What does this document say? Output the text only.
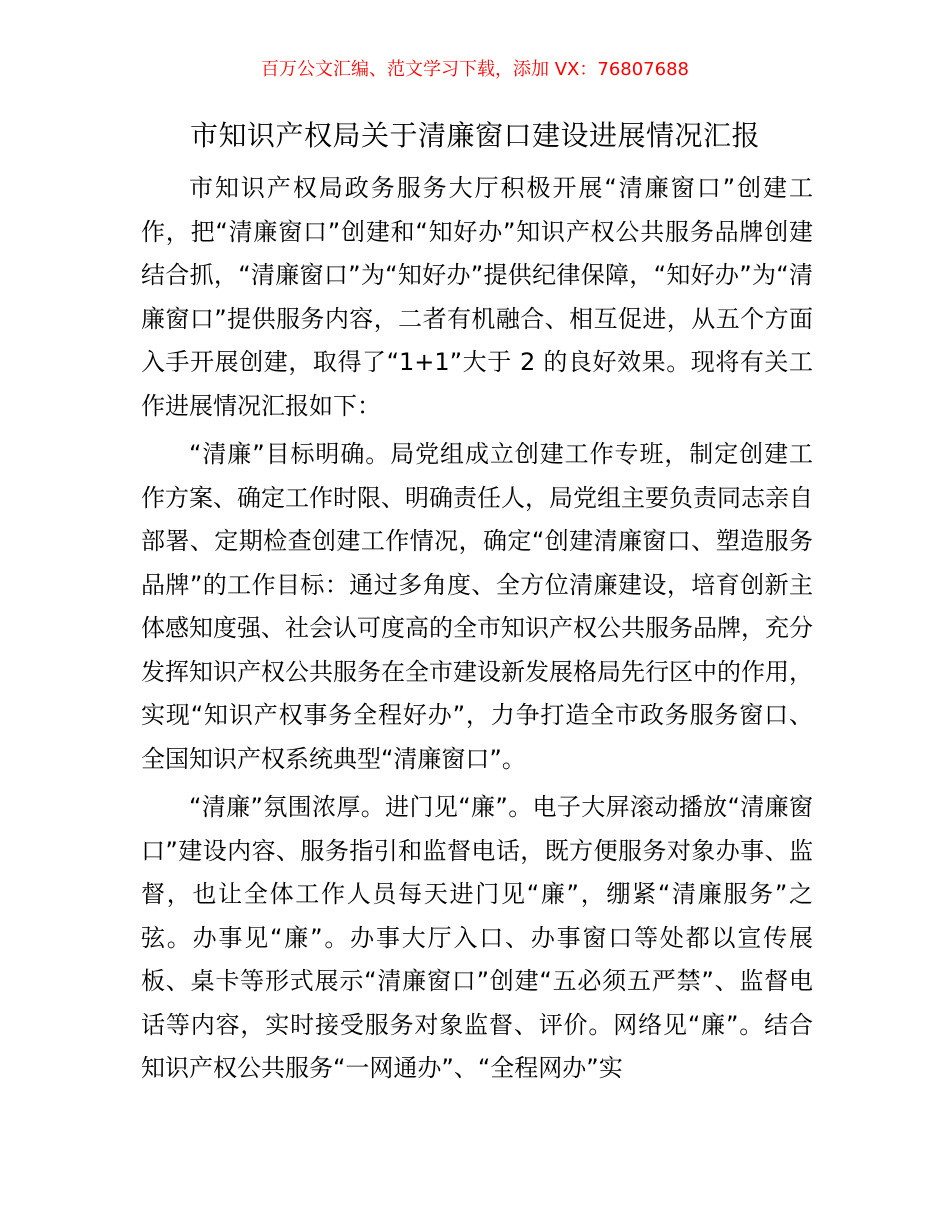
百万公文汇编、范文学习下载，添加 VX：76807688
市知识产权局关于清廉窗口建设进展情况汇报

市知识产权局政务服务大厅积极开展“清廉窗口”创建工作，把“清廉窗口”创建和“知好办”知识产权公共服务品牌创建结合抓，“清廉窗口”为“知好办”提供纪律保障，“知好办”为“清廉窗口”提供服务内容，二者有机融合、相互促进，从五个方面入手开展创建，取得了“1+1”大于 2 的良好效果。现将有关工作进展情况汇报如下：

“清廉”目标明确。局党组成立创建工作专班，制定创建工作方案、确定工作时限、明确责任人，局党组主要负责同志亲自部署、定期检查创建工作情况，确定“创建清廉窗口、塑造服务品牌”的工作目标：通过多角度、全方位清廉建设，培育创新主体感知度强、社会认可度高的全市知识产权公共服务品牌，充分发挥知识产权公共服务在全市建设新发展格局先行区中的作用，实现“知识产权事务全程好办”，力争打造全市政务服务窗口、全国知识产权系统典型“清廉窗口”。

“清廉”氛围浓厚。进门见“廉”。电子大屏滚动播放“清廉窗口”建设内容、服务指引和监督电话，既方便服务对象办事、监督，也让全体工作人员每天进门见“廉”，绷紧“清廉服务”之弦。办事见“廉”。办事大厅入口、办事窗口等处都以宣传展板、桌卡等形式展示“清廉窗口”创建“五必须五严禁”、监督电话等内容，实时接受服务对象监督、评价。网络见“廉”。结合知识产权公共服务“一网通办”、“全程网办”实
